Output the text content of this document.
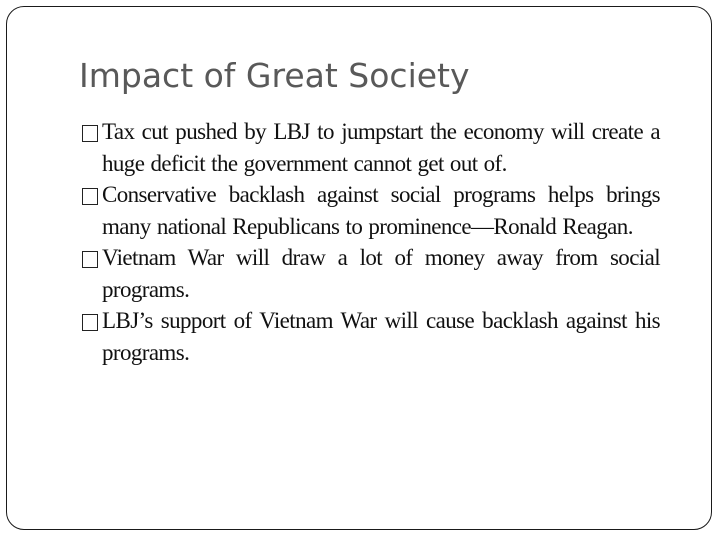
Impact of Great Society
Tax cut pushed by LBJ to jumpstart the economy will create a huge deficit the government cannot get out of.
Conservative backlash against social programs helps brings many national Republicans to prominence—Ronald Reagan.
Vietnam War will draw a lot of money away from social programs.
LBJ’s support of Vietnam War will cause backlash against his programs.
